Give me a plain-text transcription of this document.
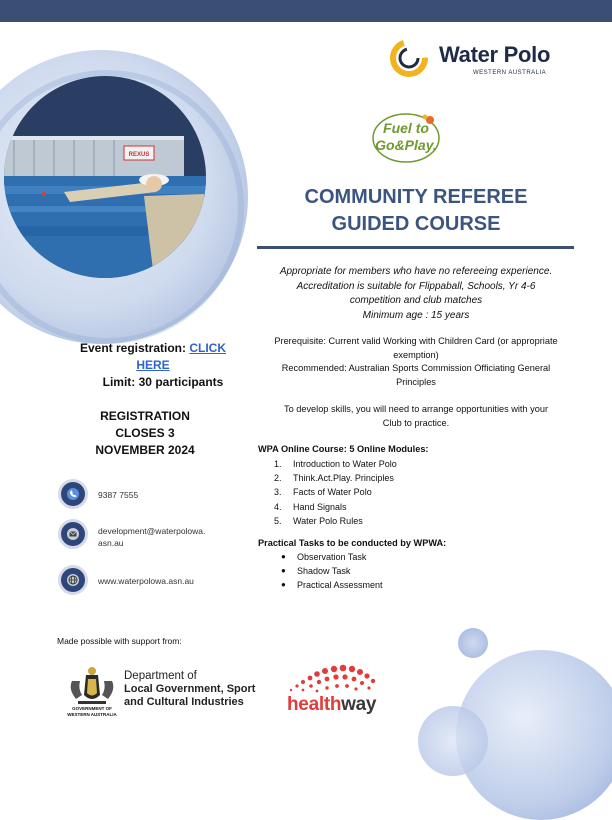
REXUS
Water Polo
WESTERN AUSTRALIA
Fuel to
Go&Play.
COMMUNITY REFEREE
GUIDED COURSE
Appropriate for members who have no refereeing experience.
Accreditation is suitable for Flippaball, Schools, Yr 4-6
competition and club matches
Minimum age : 15 years
Prerequisite: Current valid Working with Children Card (or appropriate
exemption)
Recommended: Australian Sports Commission Officiating General
Principles
To develop skills, you will need to arrange opportunities with your
Club to practice.
WPA Online Course: 5 Online Modules:
1. Introduction to Water Polo
2. Think.Act.Play. Principles
3. Facts of Water Polo
4. Hand Signals
5. Water Polo Rules
Practical Tasks to be conducted by WPWA:
● Observation Task
● Shadow Task
● Practical Assessment
Event registration: CLICK
HERE
Limit: 30 participants
REGISTRATION
CLOSES 3
NOVEMBER 2024
9387 7555
development@waterpolowa.
asn.au
www.waterpolowa.asn.au
Made possible with support from:
GOVERNMENT OF
WESTERN AUSTRALIA
Department of
Local Government, Sport
and Cultural Industries	healthway
